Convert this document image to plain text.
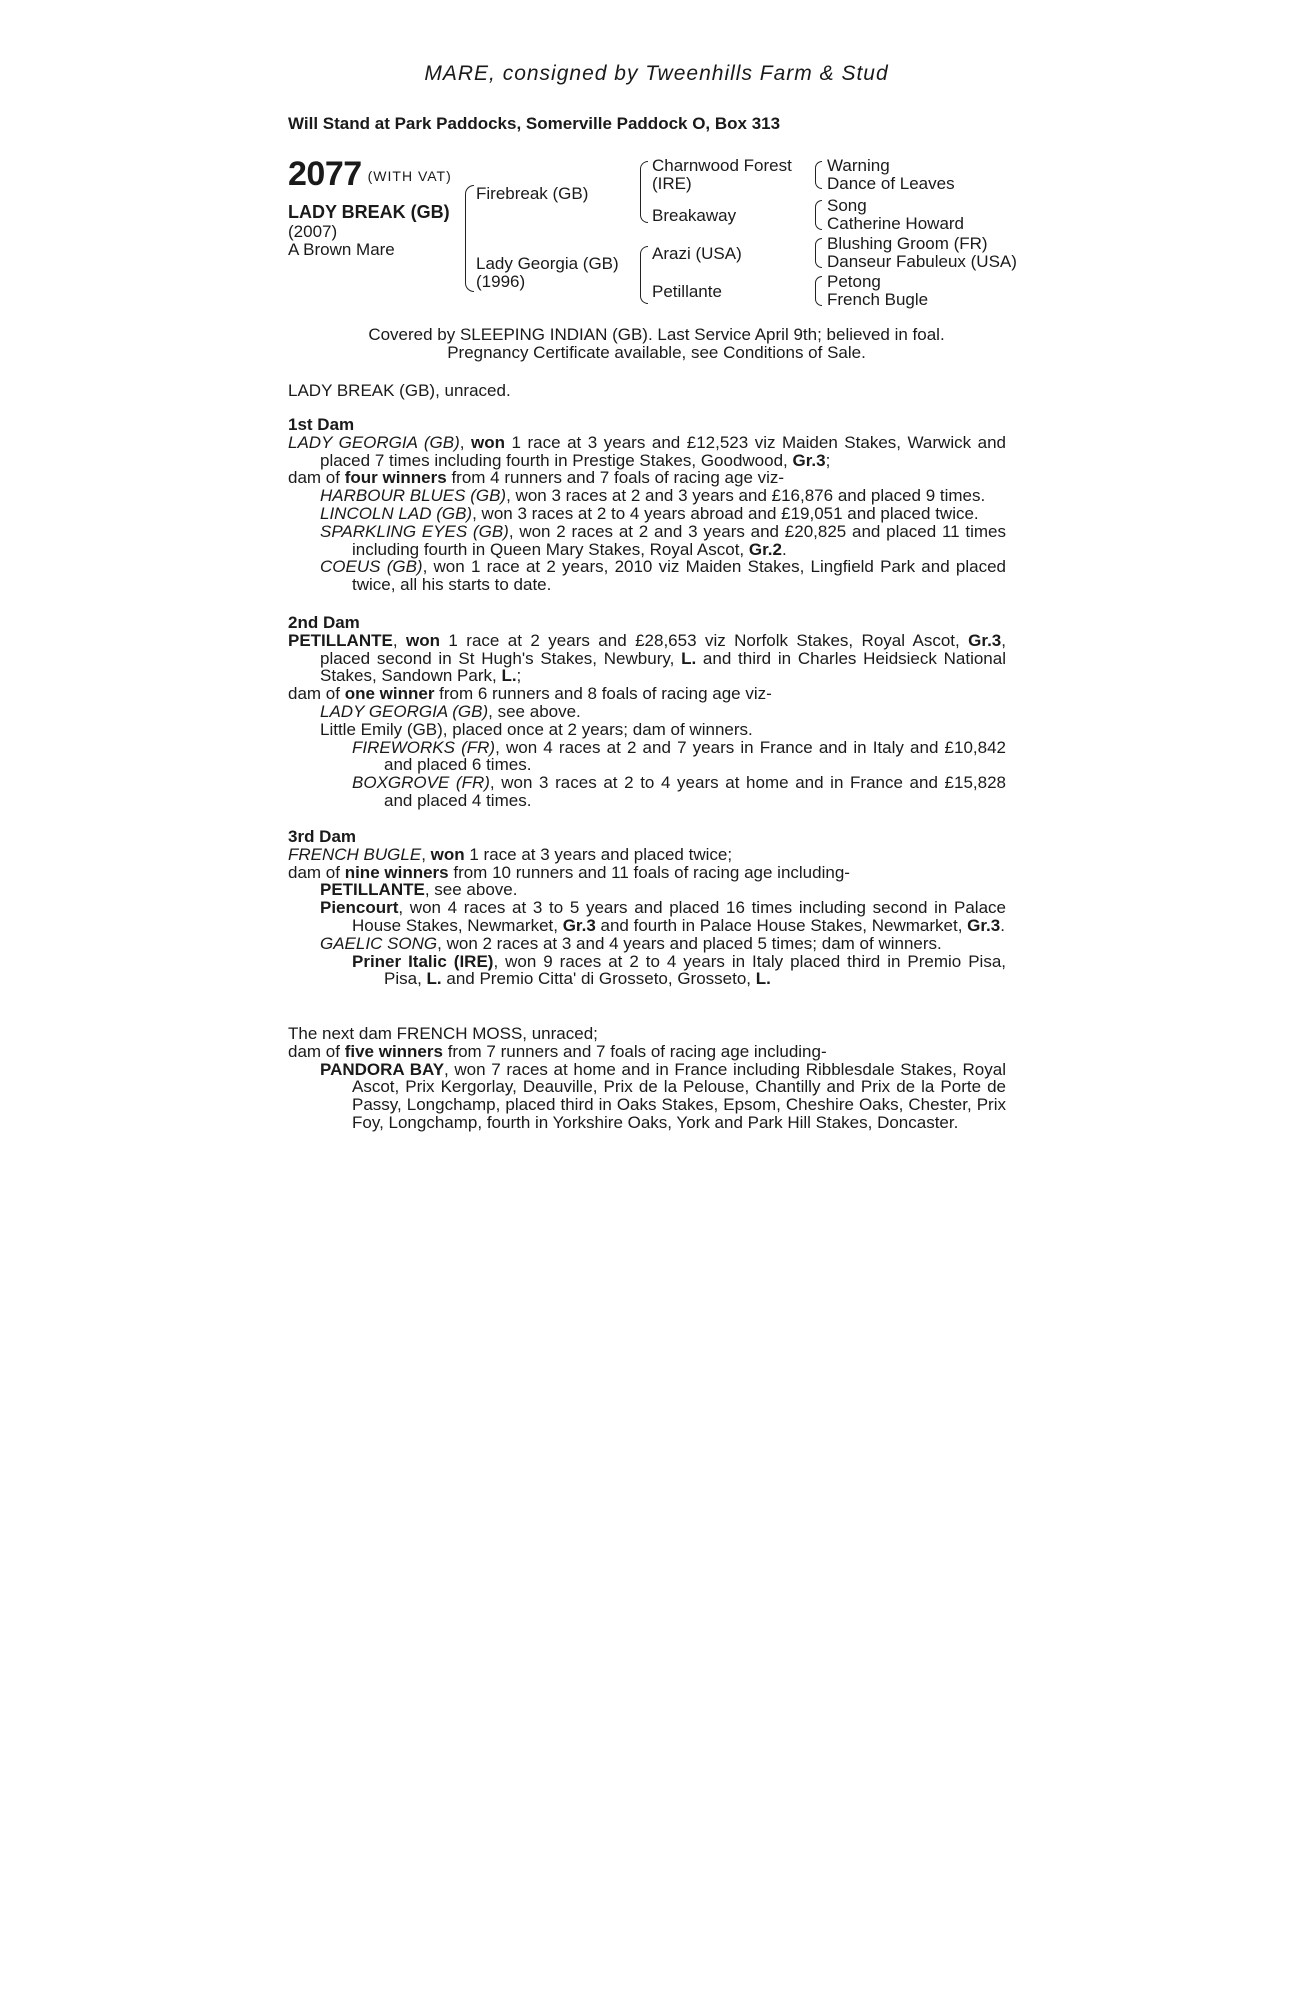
MARE, consigned by Tweenhills Farm & Stud
Will Stand at Park Paddocks, Somerville Paddock O, Box 313
2077 (WITH VAT)
LADY BREAK (GB)
(2007)
A Brown Mare
Firebreak (GB)
Lady Georgia (GB)
(1996)
Charnwood Forest
(IRE)
Breakaway
Arazi (USA)
Petillante
Warning
Dance of Leaves
Song
Catherine Howard
Blushing Groom (FR)
Danseur Fabuleux (USA)
Petong
French Bugle
Covered by SLEEPING INDIAN (GB). Last Service April 9th; believed in foal.
Pregnancy Certificate available, see Conditions of Sale.
LADY BREAK (GB), unraced.
1st Dam

LADY GEORGIA (GB), won 1 race at 3 years and £12,523 viz Maiden Stakes, Warwick and placed 7 times including fourth in Prestige Stakes, Goodwood, Gr.3;

dam of four winners from 4 runners and 7 foals of racing age viz-

HARBOUR BLUES (GB), won 3 races at 2 and 3 years and £16,876 and placed 9 times.

LINCOLN LAD (GB), won 3 races at 2 to 4 years abroad and £19,051 and placed twice.

SPARKLING EYES (GB), won 2 races at 2 and 3 years and £20,825 and placed 11 times including fourth in Queen Mary Stakes, Royal Ascot, Gr.2.

COEUS (GB), won 1 race at 2 years, 2010 viz Maiden Stakes, Lingfield Park and placed twice, all his starts to date.

2nd Dam

PETILLANTE, won 1 race at 2 years and £28,653 viz Norfolk Stakes, Royal Ascot, Gr.3, placed second in St Hugh's Stakes, Newbury, L. and third in Charles Heidsieck National Stakes, Sandown Park, L.;

dam of one winner from 6 runners and 8 foals of racing age viz-

LADY GEORGIA (GB), see above.

Little Emily (GB), placed once at 2 years; dam of winners.

FIREWORKS (FR), won 4 races at 2 and 7 years in France and in Italy and £10,842 and placed 6 times.

BOXGROVE (FR), won 3 races at 2 to 4 years at home and in France and £15,828 and placed 4 times.

3rd Dam

FRENCH BUGLE, won 1 race at 3 years and placed twice;

dam of nine winners from 10 runners and 11 foals of racing age including-

PETILLANTE, see above.

Piencourt, won 4 races at 3 to 5 years and placed 16 times including second in Palace House Stakes, Newmarket, Gr.3 and fourth in Palace House Stakes, Newmarket, Gr.3.

GAELIC SONG, won 2 races at 3 and 4 years and placed 5 times; dam of winners.

Priner Italic (IRE), won 9 races at 2 to 4 years in Italy placed third in Premio Pisa, Pisa, L. and Premio Citta' di Grosseto, Grosseto, L.

The next dam FRENCH MOSS, unraced;

dam of five winners from 7 runners and 7 foals of racing age including-

PANDORA BAY, won 7 races at home and in France including Ribblesdale Stakes, Royal Ascot, Prix Kergorlay, Deauville, Prix de la Pelouse, Chantilly and Prix de la Porte de Passy, Longchamp, placed third in Oaks Stakes, Epsom, Cheshire Oaks, Chester, Prix Foy, Longchamp, fourth in Yorkshire Oaks, York and Park Hill Stakes, Doncaster.
